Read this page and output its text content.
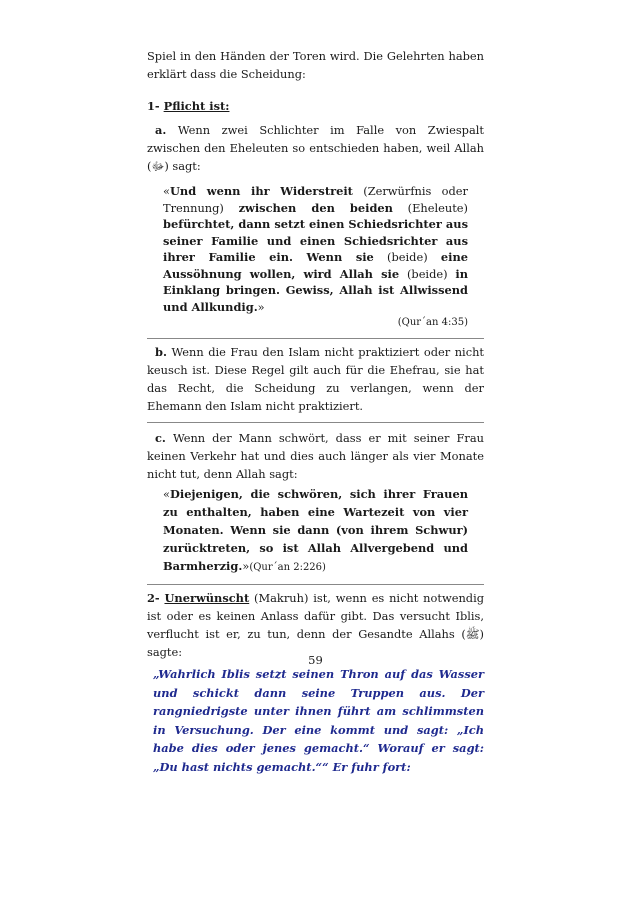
Spiel in den Händen der Toren wird. Die Gelehrten haben erklärt dass die Scheidung:
1- Pflicht ist:
a. Wenn zwei Schlichter im Falle von Zwiespalt zwischen den Eheleuten so entschieden haben, weil Allah (ﷻ) sagt:
«Und wenn ihr Widerstreit (Zerwürfnis oder Trennung) zwischen den beiden (Eheleute) befürchtet, dann setzt einen Schiedsrichter aus seiner Familie und einen Schiedsrichter aus ihrer Familie ein. Wenn sie (beide) eine Aussöhnung wollen, wird Allah sie (beide) in Einklang bringen. Gewiss, Allah ist Allwissend und Allkundig.»
(Qur´an 4:35)
b. Wenn die Frau den Islam nicht praktiziert oder nicht keusch ist. Diese Regel gilt auch für die Ehefrau, sie hat das Recht, die Scheidung zu verlangen, wenn der Ehemann den Islam nicht praktiziert.
c. Wenn der Mann schwört, dass er mit seiner Frau keinen Verkehr hat und dies auch länger als vier Monate nicht tut, denn Allah sagt:
«Diejenigen, die schwören, sich ihrer Frauen zu enthalten, haben eine Wartezeit von vier Monaten. Wenn sie dann (von ihrem Schwur) zurücktreten, so ist Allah Allvergebend und Barmherzig.»(Qur´an 2:226)
2- Unerwünscht (Makruh) ist, wenn es nicht notwendig ist oder es keinen Anlass dafür gibt. Das versucht Iblis, verflucht ist er, zu tun, denn der Gesandte Allahs (ﷺ) sagte:
„Wahrlich Iblis setzt seinen Thron auf das Wasser und schickt dann seine Truppen aus. Der rangniedrigste unter ihnen führt am schlimmsten in Versuchung. Der eine kommt und sagt: „Ich habe dies oder jenes gemacht.“ Worauf er sagt: „Du hast nichts gemacht.““ Er fuhr fort:
59
